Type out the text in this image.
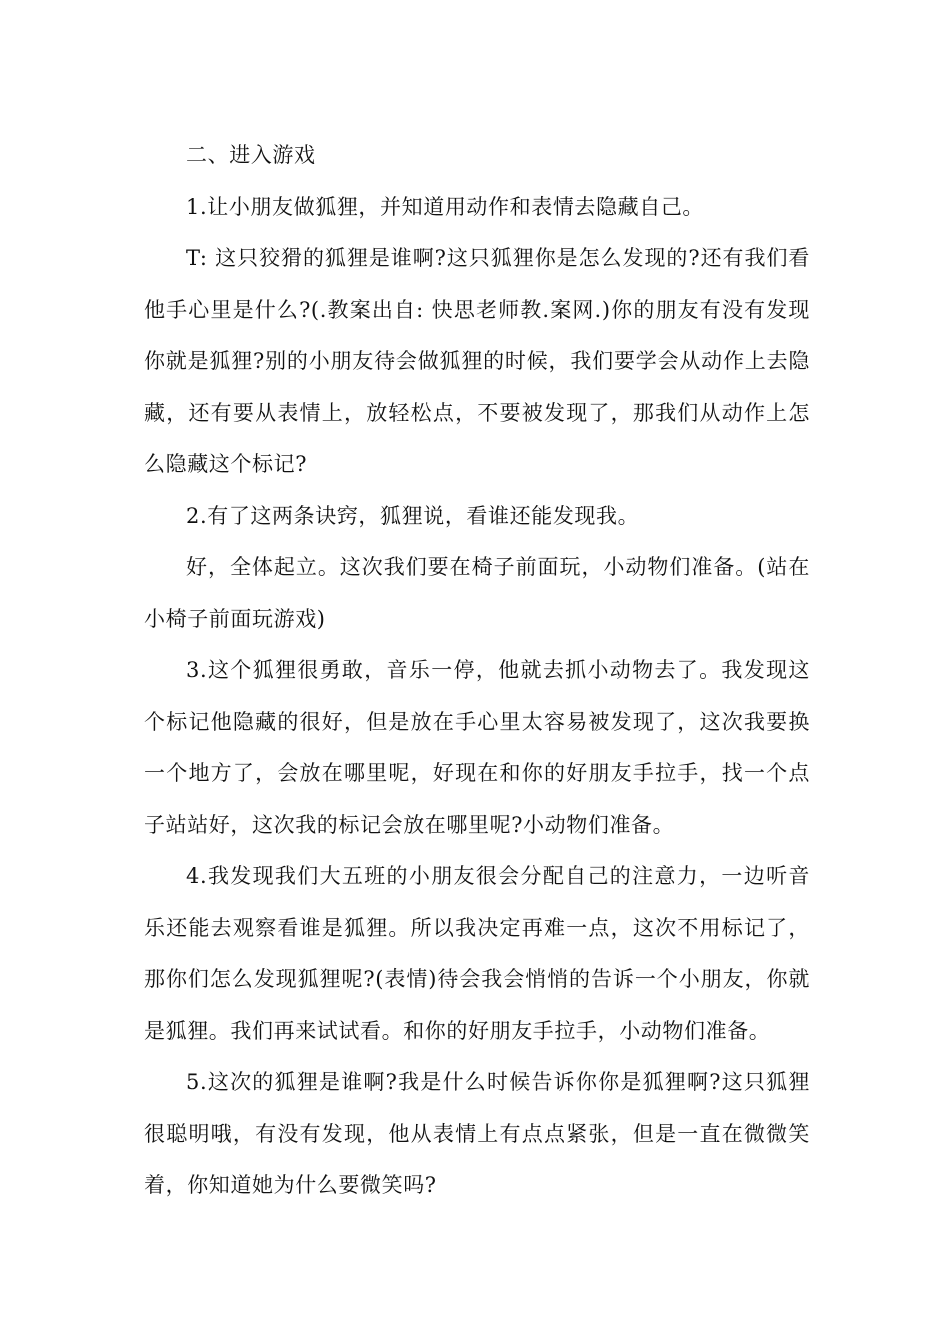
二、进入游戏

1.让小朋友做狐狸，并知道用动作和表情去隐藏自己。

T: 这只狡猾的狐狸是谁啊?这只狐狸你是怎么发现的?还有我们看他手心里是什么?(.教案出自: 快思老师教.案网.)你的朋友有没有发现你就是狐狸?别的小朋友待会做狐狸的时候，我们要学会从动作上去隐藏，还有要从表情上，放轻松点，不要被发现了，那我们从动作上怎么隐藏这个标记?

2.有了这两条诀窍，狐狸说，看谁还能发现我。

好，全体起立。这次我们要在椅子前面玩，小动物们准备。(站在小椅子前面玩游戏)

3.这个狐狸很勇敢，音乐一停，他就去抓小动物去了。我发现这个标记他隐藏的很好，但是放在手心里太容易被发现了，这次我要换一个地方了，会放在哪里呢，好现在和你的好朋友手拉手，找一个点子站站好，这次我的标记会放在哪里呢?小动物们准备。

4.我发现我们大五班的小朋友很会分配自己的注意力，一边听音乐还能去观察看谁是狐狸。所以我决定再难一点，这次不用标记了，那你们怎么发现狐狸呢?(表情)待会我会悄悄的告诉一个小朋友，你就是狐狸。我们再来试试看。和你的好朋友手拉手，小动物们准备。

5.这次的狐狸是谁啊?我是什么时候告诉你你是狐狸啊?这只狐狸很聪明哦，有没有发现，他从表情上有点点紧张，但是一直在微微笑着，你知道她为什么要微笑吗?
